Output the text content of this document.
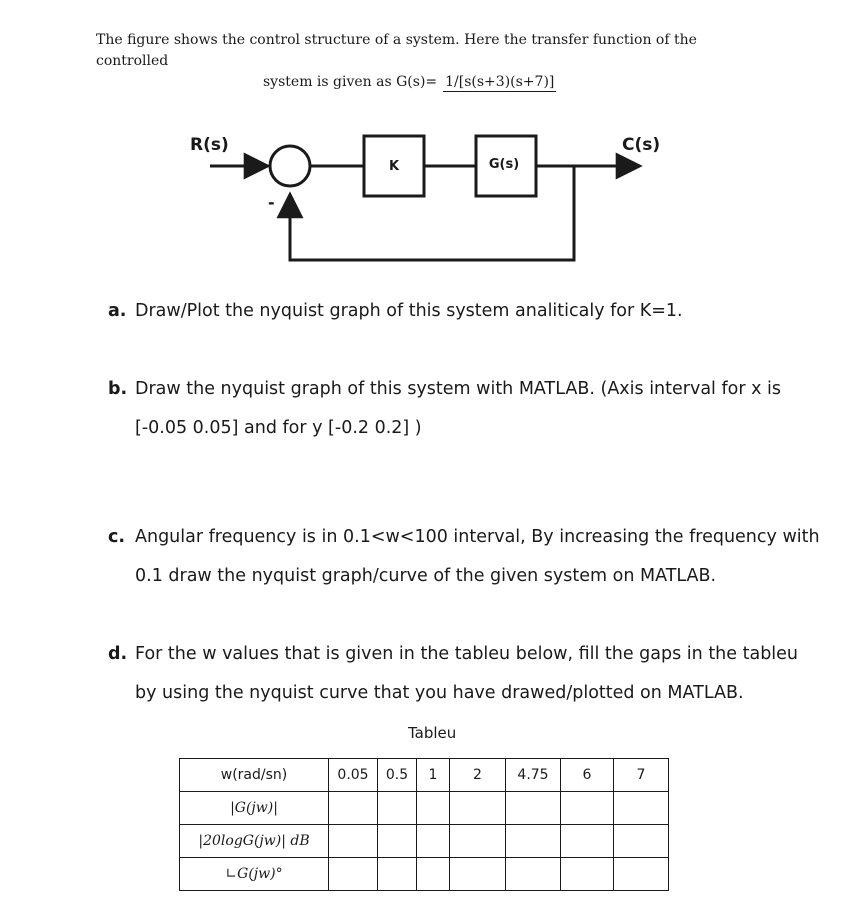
The figure shows the control structure of a system. Here the transfer function of the controlled
system is given as G(s)= 1/[s(s+3)(s+7)]
R(s)	C(s)
K	G(s)
-
a. Draw/Plot the nyquist graph of this system analiticaly for K=1.
b. Draw the nyquist graph of this system with MATLAB. (Axis interval for x is
[-0.05 0.05] and for y [-0.2 0.2] )
c. Angular frequency is in 0.1<w<100 interval, By increasing the frequency with
0.1 draw the nyquist graph/curve of the given system on MATLAB.
d. For the w values that is given in the tableu below, fill the gaps in the tableu
by using the nyquist curve that you have drawed/plotted on MATLAB.
Tableu
w(rad/sn)	0.05	0.5	1	2	4.75	6	7
|G(jw)|							
|20logG(jw)| dB							
∟G(jw)°							
